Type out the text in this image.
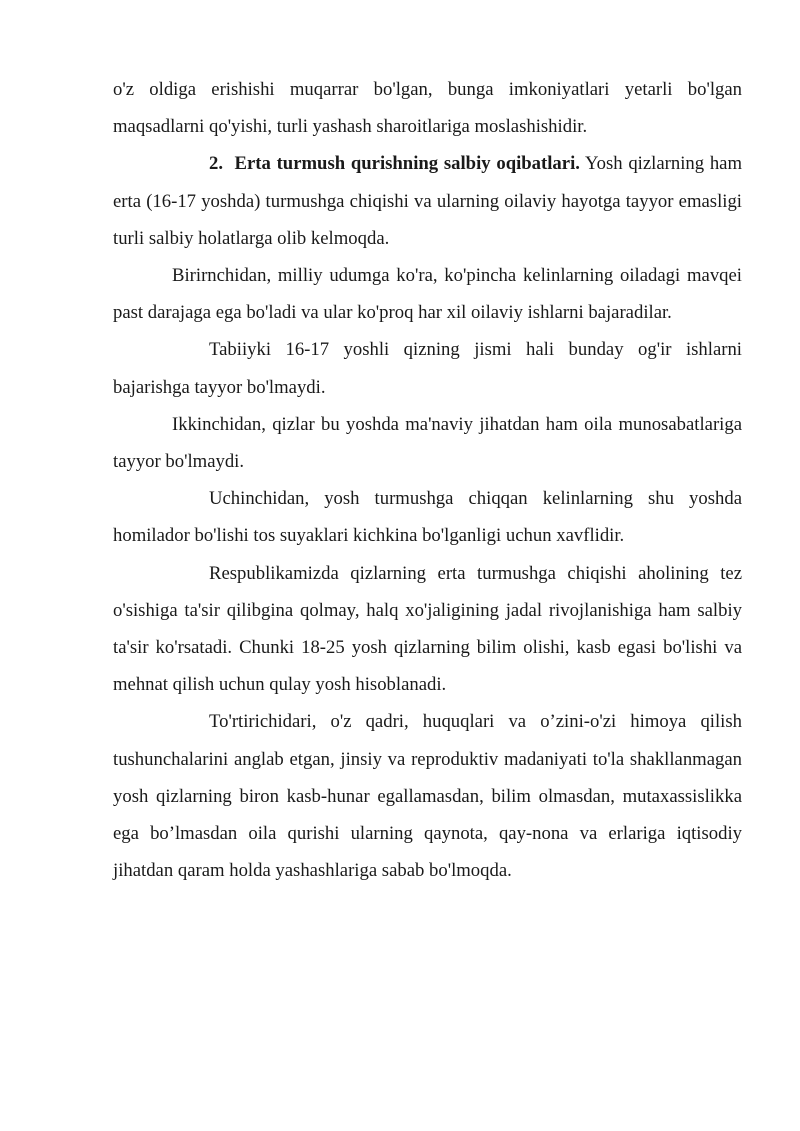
o'z oldiga erishishi muqarrar bo'lgan, bunga imkoniyatlari yetarli bo'lgan maqsadlarni qo'yishi, turli yashash sharoitlariga moslashishidir.

2. Erta turmush qurishning salbiy oqibatlari. Yosh qizlarning ham erta (16-17 yoshda) turmushga chiqishi va ularning oilaviy hayotga tayyor emasligi turli salbiy holatlarga olib kelmoqda.

Birirnchidan, milliy udumga ko'ra, ko'pincha kelinlarning oiladagi mavqei past darajaga ega bo'ladi va ular ko'proq har xil oilaviy ishlarni bajaradilar.

Tabiiyki 16-17 yoshli qizning jismi hali bunday og'ir ishlarni bajarishga tayyor bo'lmaydi.

Ikkinchidan, qizlar bu yoshda ma'naviy jihatdan ham oila munosabatlariga tayyor bo'lmaydi.

Uchinchidan, yosh turmushga chiqqan kelinlarning shu yoshda homilador bo'lishi tos suyaklari kichkina bo'lganligi uchun xavflidir.

Respublikamizda qizlarning erta turmushga chiqishi aholining tez o'sishiga ta'sir qilibgina qolmay, halq xo'jaligining jadal rivojlanishiga ham salbiy ta'sir ko'rsatadi. Chunki 18-25 yosh qizlarning bilim olishi, kasb egasi bo'lishi va mehnat qilish uchun qulay yosh hisoblanadi.

To'rtirichidari, o'z qadri, huquqlari va o’zini-o'zi himoya qilish tushunchalarini anglab etgan, jinsiy va reproduktiv madaniyati to'la shakllanmagan yosh qizlarning biron kasb-hunar egallamasdan, bilim olmasdan, mutaxassislikka ega bo’lmasdan oila qurishi ularning qaynota, qay-nona va erlariga iqtisodiy jihatdan qaram holda yashashlariga sabab bo'lmoqda.
